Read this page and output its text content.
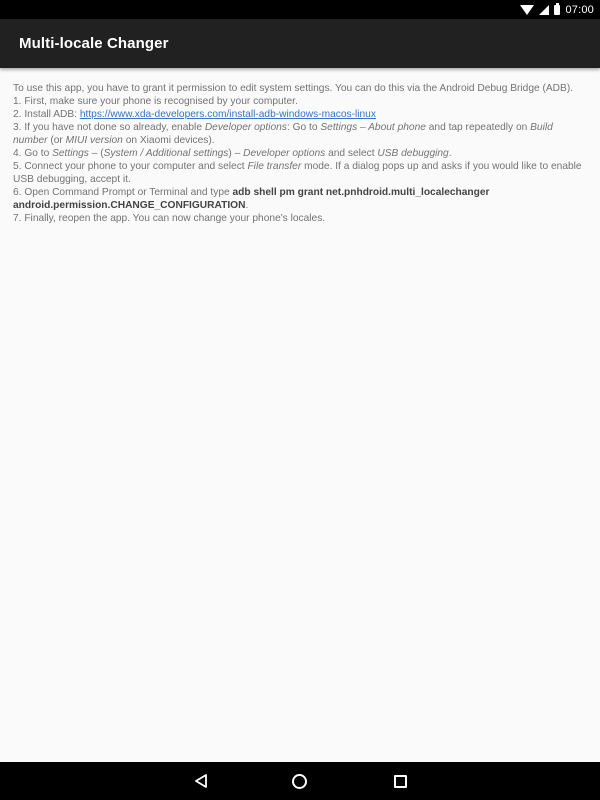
07:00
Multi-locale Changer

To use this app, you have to grant it permission to edit system settings. You can do this via the Android Debug Bridge (ADB).

1. First, make sure your phone is recognised by your computer.

2. Install ADB: https://www.xda-developers.com/install-adb-windows-macos-linux

3. If you have not done so already, enable Developer options: Go to Settings – About phone and tap repeatedly on Build number (or MIUI version on Xiaomi devices).

4. Go to Settings – (System / Additional settings) – Developer options and select USB debugging.

5. Connect your phone to your computer and select File transfer mode. If a dialog pops up and asks if you would like to enable USB debugging, accept it.

6. Open Command Prompt or Terminal and type adb shell pm grant net.pnhdroid.multi_localechanger android.permission.CHANGE_CONFIGURATION.

7. Finally, reopen the app. You can now change your phone's locales.
